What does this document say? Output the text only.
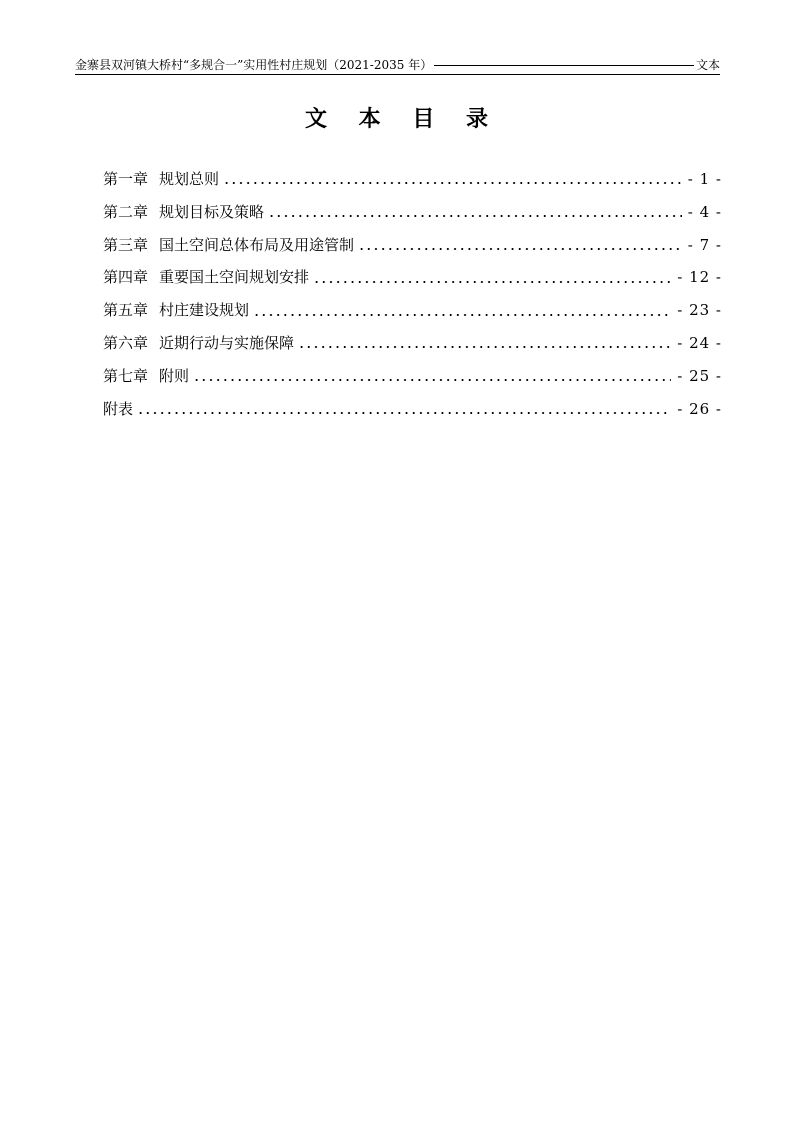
金寨县双河镇大桥村“多规合一”实用性村庄规划（2021-2035 年）	文本
文 本 目 录
第一章 规划总则	- 1 -
第二章 规划目标及策略	- 4 -
第三章 国土空间总体布局及用途管制	- 7 -
第四章 重要国土空间规划安排	- 12 -
第五章 村庄建设规划	- 23 -
第六章 近期行动与实施保障	- 24 -
第七章 附则	- 25 -
附表	- 26 -
